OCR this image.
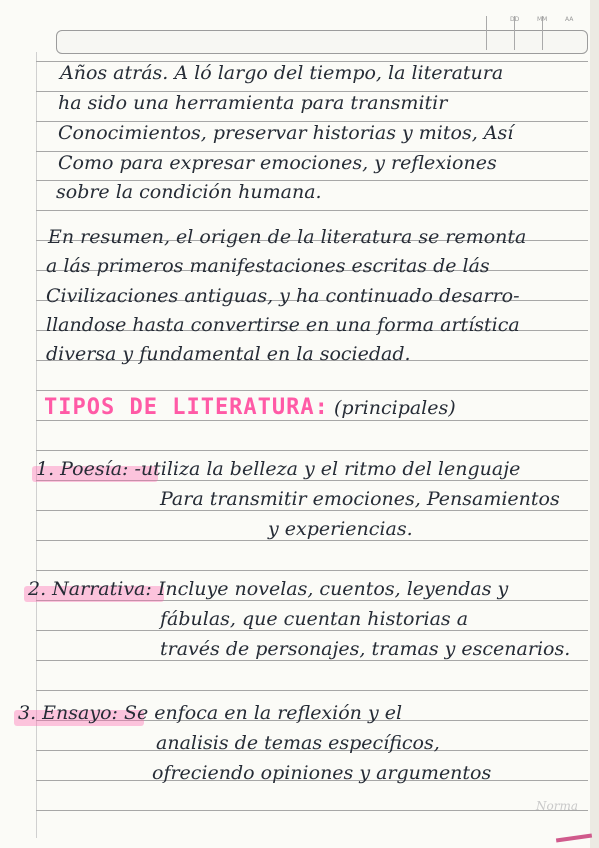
DD	MM	AA
Años atrás. A ló largo del tiempo, la literatura
ha sido una herramienta para transmitir
Conocimientos, preservar historias y mitos, Así
Como para expresar emociones, y reflexiones
sobre la condición humana.
En resumen, el origen de la literatura se remonta
a lás primeros manifestaciones escritas de lás
Civilizaciones antiguas, y ha continuado desarro-
llandose hasta convertirse en una forma artística
diversa y fundamental en la sociedad.
TIPOS DE LITERATURA: (principales)
1. Poesía: -utiliza la belleza y el ritmo del lenguaje
Para transmitir emociones, Pensamientos
y experiencias.
2. Narrativa: Incluye novelas, cuentos, leyendas y
fábulas, que cuentan historias a
través de personajes, tramas y escenarios.
3. Ensayo: Se enfoca en la reflexión y el
analisis de temas específicos,
ofreciendo opiniones y argumentos
Norma
